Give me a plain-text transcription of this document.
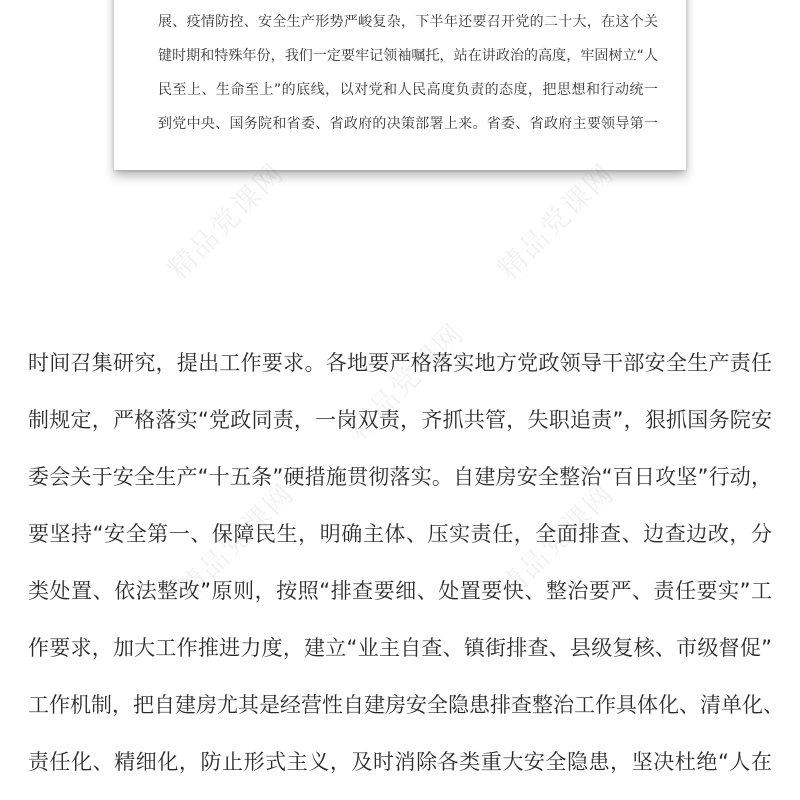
展、疫情防控、安全生产形势严峻复杂，下半年还要召开党的二十大，在这个关
键时期和特殊年份，我们一定要牢记领袖嘱托，站在讲政治的高度，牢固树立“人
民至上、生命至上”的底线，以对党和人民高度负责的态度，把思想和行动统一
到党中央、国务院和省委、省政府的决策部署上来。省委、省政府主要领导第一
时间召集研究，提出工作要求。各地要严格落实地方党政领导干部安全生产责任
制规定，严格落实“党政同责，一岗双责，齐抓共管，失职追责”，狠抓国务院安
委会关于安全生产“十五条”硬措施贯彻落实。自建房安全整治“百日攻坚”行动，
要坚持“安全第一、保障民生，明确主体、压实责任，全面排查、边查边改，分
类处置、依法整改”原则，按照“排查要细、处置要快、整治要严、责任要实”工
作要求，加大工作推进力度，建立“业主自查、镇街排查、县级复核、市级督促”
工作机制，把自建房尤其是经营性自建房安全隐患排查整治工作具体化、清单化、
责任化、精细化，防止形式主义，及时消除各类重大安全隐患，坚决杜绝“人在
精品党课网	精品党课网
精品党课网
精品党课网	精品党课网
